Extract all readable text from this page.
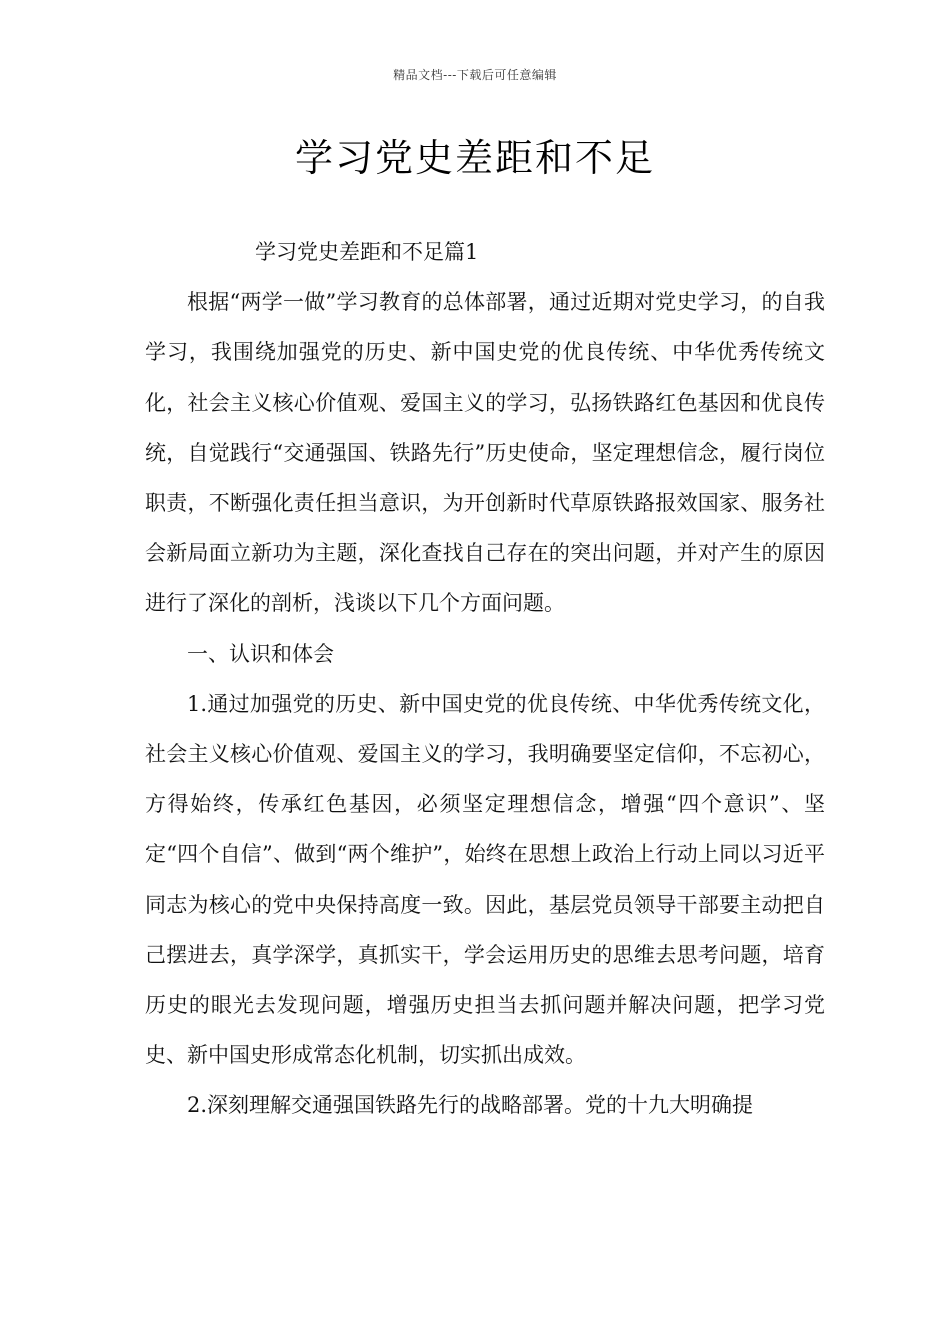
精品文档---下载后可任意编辑
学习党史差距和不足

学习党史差距和不足篇1

根据“两学一做”学习教育的总体部署，通过近期对党史学习，的自我学习，我围绕加强党的历史、新中国史党的优良传统、中华优秀传统文化，社会主义核心价值观、爱国主义的学习，弘扬铁路红色基因和优良传统，自觉践行“交通强国、铁路先行”历史使命，坚定理想信念，履行岗位职责，不断强化责任担当意识，为开创新时代草原铁路报效国家、服务社会新局面立新功为主题，深化查找自己存在的突出问题，并对产生的原因进行了深化的剖析，浅谈以下几个方面问题。

一、认识和体会

1.通过加强党的历史、新中国史党的优良传统、中华优秀传统文化，社会主义核心价值观、爱国主义的学习，我明确要坚定信仰，不忘初心，方得始终，传承红色基因，必须坚定理想信念，增强“四个意识”、坚定“四个自信”、做到“两个维护”，始终在思想上政治上行动上同以习近平同志为核心的党中央保持高度一致。因此，基层党员领导干部要主动把自己摆进去，真学深学，真抓实干，学会运用历史的思维去思考问题，培育历史的眼光去发现问题，增强历史担当去抓问题并解决问题，把学习党史、新中国史形成常态化机制，切实抓出成效。

2.深刻理解交通强国铁路先行的战略部署。党的十九大明确提
